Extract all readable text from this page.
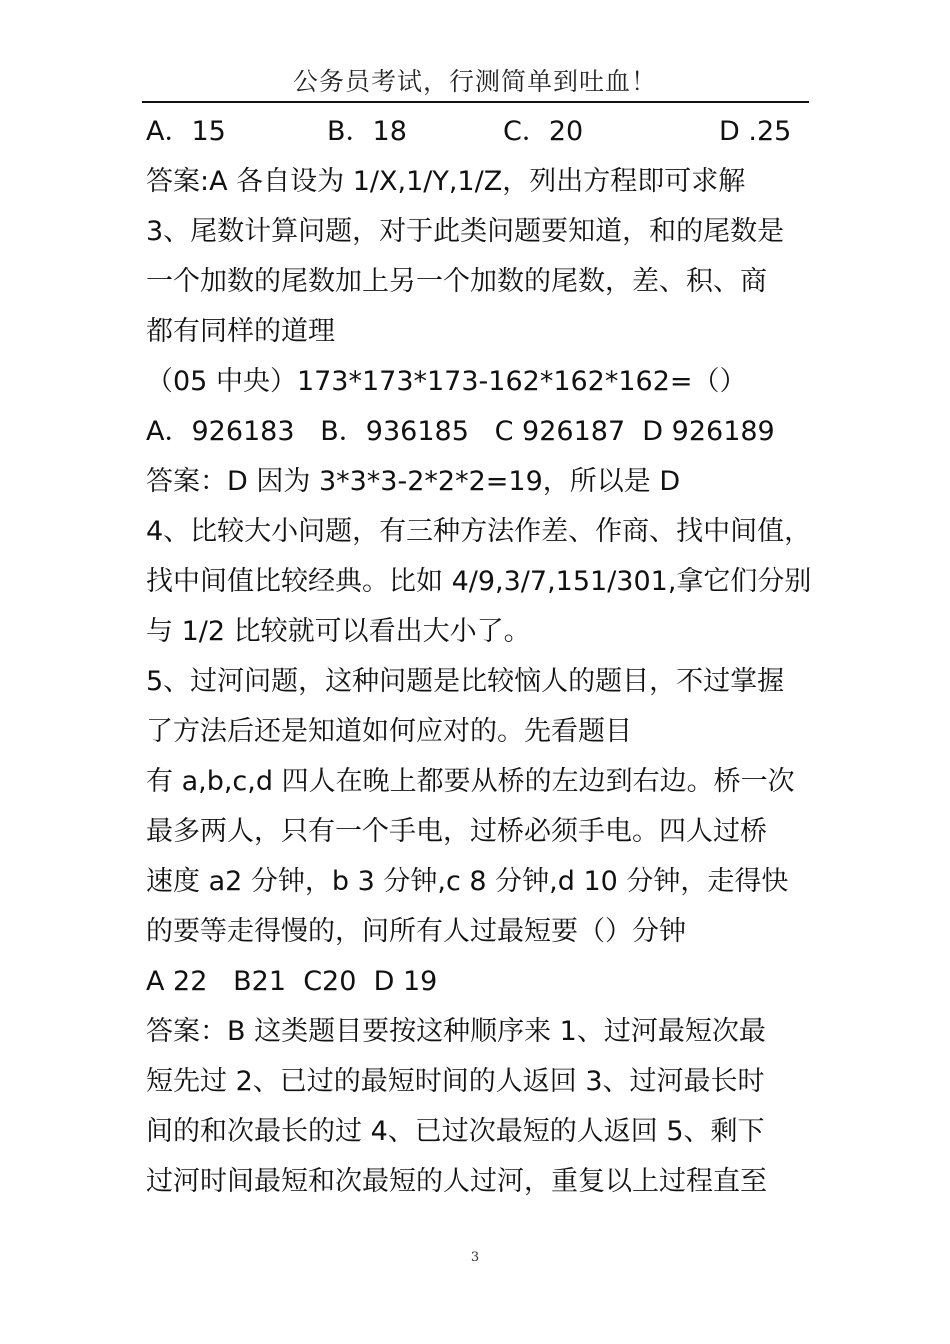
公务员考试，行测简单到吐血！
A．15	B．18	C．20	D .25
答案:A 各自设为 1/X,1/Y,1/Z，列出方程即可求解
3、尾数计算问题，对于此类问题要知道，和的尾数是
一个加数的尾数加上另一个加数的尾数，差、积、商
都有同样的道理
（05 中央）173*173*173-162*162*162=（）
A．926183   B．936185   C 926187  D 926189
答案：D 因为 3*3*3-2*2*2=19，所以是 D
4、比较大小问题，有三种方法作差、作商、找中间值，
找中间值比较经典。比如 4/9,3/7,151/301,拿它们分别
与 1/2 比较就可以看出大小了。
5、过河问题，这种问题是比较恼人的题目，不过掌握
了方法后还是知道如何应对的。先看题目
有 a,b,c,d 四人在晚上都要从桥的左边到右边。桥一次
最多两人，只有一个手电，过桥必须手电。四人过桥
速度 a2 分钟，b 3 分钟,c 8 分钟,d 10 分钟，走得快
的要等走得慢的，问所有人过最短要（）分钟
A 22   B21  C20  D 19
答案：B 这类题目要按这种顺序来 1、过河最短次最
短先过 2、已过的最短时间的人返回 3、过河最长时
间的和次最长的过 4、已过次最短的人返回 5、剩下
过河时间最短和次最短的人过河，重复以上过程直至
3
